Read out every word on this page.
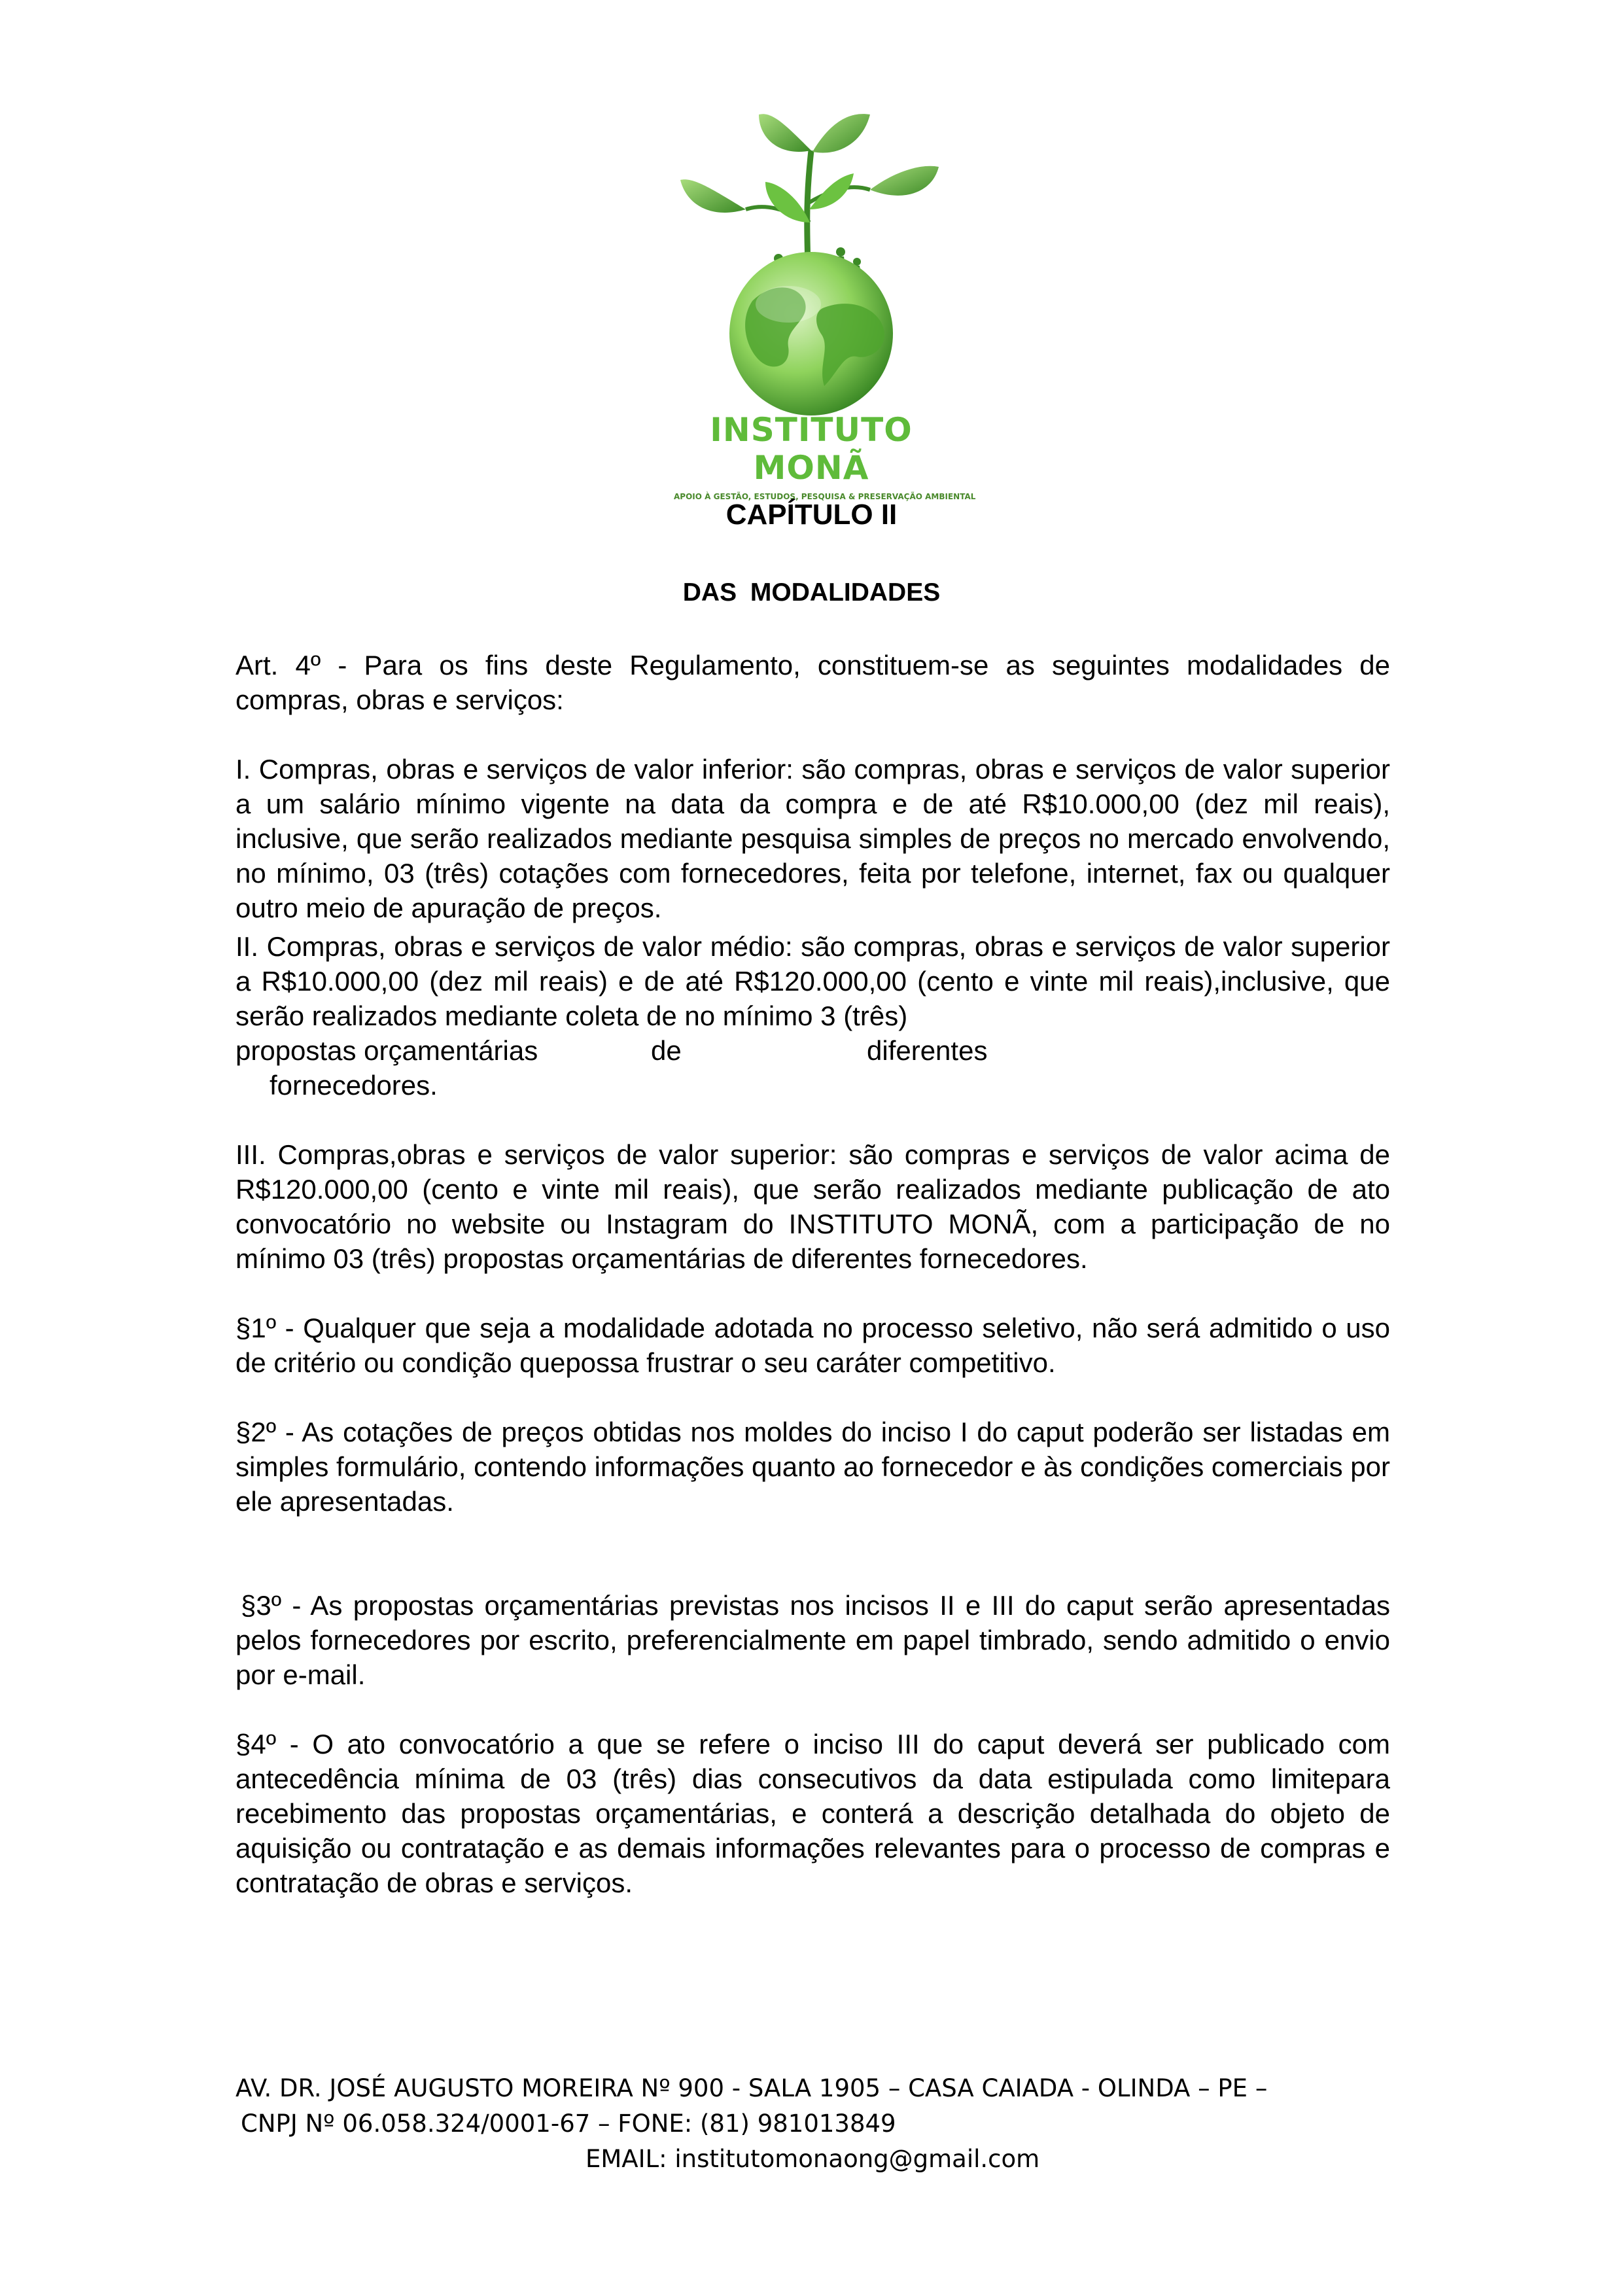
INSTITUTO MONÃ
APOIO À GESTÃO, ESTUDOS, PESQUISA & PRESERVAÇÃO AMBIENTAL
CAPÍTULO II
DAS MODALIDADES

Art. 4º - Para os fins deste Regulamento, constituem-se as seguintes modalidades de compras, obras e serviços:

I. Compras, obras e serviços de valor inferior: são compras, obras e serviços de valor superior a um salário mínimo vigente na data da compra e de até R$10.000,00 (dez mil reais), inclusive, que serão realizados mediante pesquisa simples de preços no mercado envolvendo, no mínimo, 03 (três) cotações com fornecedores, feita por telefone, internet, fax ou qualquer outro meio de apuração de preços.

II. Compras, obras e serviços de valor médio: são compras, obras e serviços de valor superior a R$10.000,00 (dez mil reais) e de até R$120.000,00 (cento e vinte mil reais),inclusive, que serão realizados mediante coleta de no mínimo 3 (três)

propostas orçamentárias	de	diferentes

fornecedores.

III. Compras,obras e serviços de valor superior: são compras e serviços de valor acima de R$120.000,00 (cento e vinte mil reais), que serão realizados mediante publicação de ato convocatório no website ou Instagram do INSTITUTO MONÃ, com a participação de no mínimo 03 (três) propostas orçamentárias de diferentes fornecedores.

§1º - Qualquer que seja a modalidade adotada no processo seletivo, não será admitido o uso de critério ou condição quepossa frustrar o seu caráter competitivo.

§2º - As cotações de preços obtidas nos moldes do inciso I do caput poderão ser listadas em simples formulário, contendo informações quanto ao fornecedor e às condições comerciais por ele apresentadas.

§3º - As propostas orçamentárias previstas nos incisos II e III do caput serão apresentadas pelos fornecedores por escrito, preferencialmente em papel timbrado, sendo admitido o envio por e-mail.

§4º - O ato convocatório a que se refere o inciso III do caput deverá ser publicado com antecedência mínima de 03 (três) dias consecutivos da data estipulada como limitepara recebimento das propostas orçamentárias, e conterá a descrição detalhada do objeto de aquisição ou contratação e as demais informações relevantes para o processo de compras e contratação de obras e serviços.

AV. DR. JOSÉ AUGUSTO MOREIRA Nº 900 - SALA 1905 – CASA CAIADA - OLINDA – PE –
CNPJ Nº 06.058.324/0001-67 – FONE: (81) 981013849
EMAIL: institutomonaong@gmail.com
